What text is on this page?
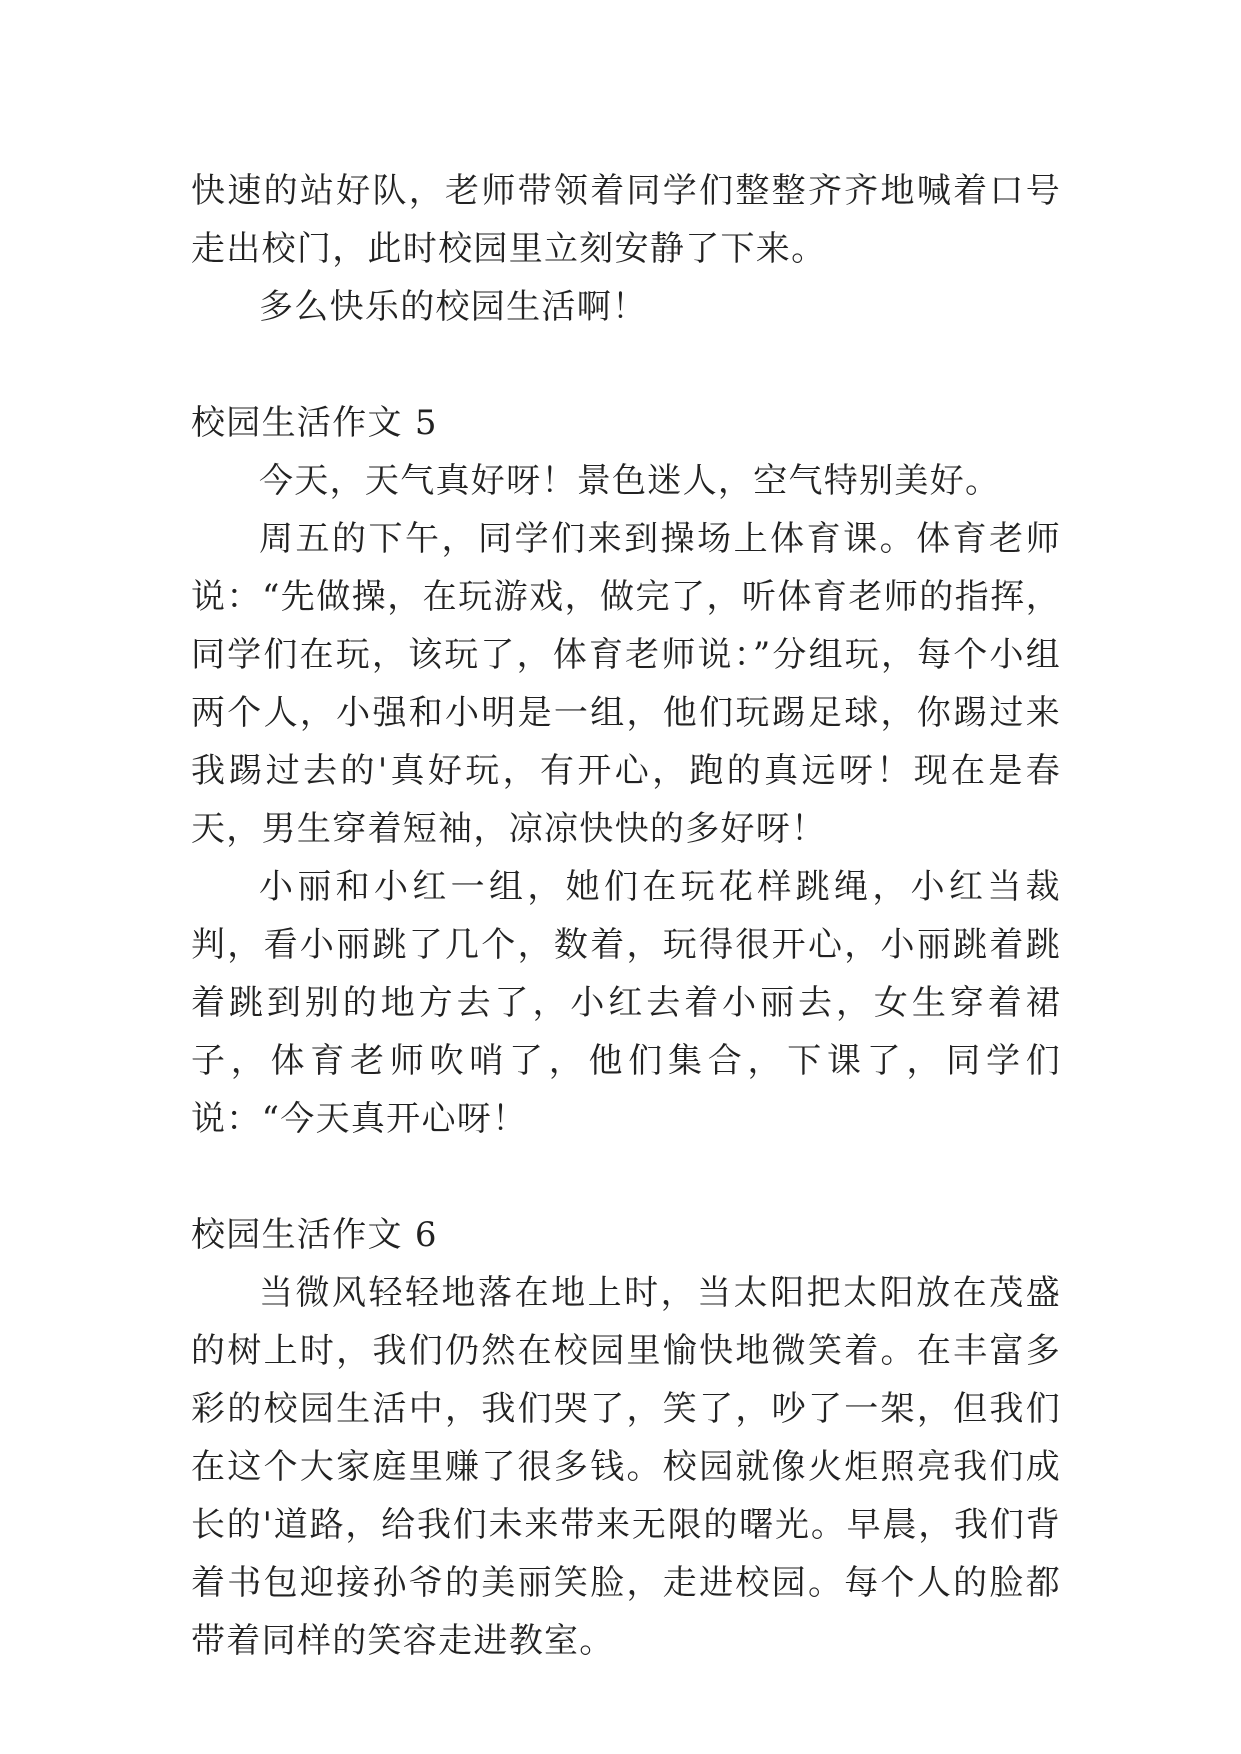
快速的站好队，老师带领着同学们整整齐齐地喊着口号走出校门，此时校园里立刻安静了下来。

多么快乐的校园生活啊！

校园生活作文 5

今天，天气真好呀！景色迷人，空气特别美好。

周五的下午，同学们来到操场上体育课。体育老师说：“先做操，在玩游戏，做完了，听体育老师的指挥，同学们在玩，该玩了，体育老师说：”分组玩，每个小组两个人，小强和小明是一组，他们玩踢足球，你踢过来我踢过去的'真好玩，有开心，跑的真远呀！现在是春天，男生穿着短袖，凉凉快快的多好呀！

小丽和小红一组，她们在玩花样跳绳，小红当裁判，看小丽跳了几个，数着，玩得很开心，小丽跳着跳着跳到别的地方去了，小红去着小丽去，女生穿着裙子，体育老师吹哨了，他们集合，下课了，同学们说：“今天真开心呀！

校园生活作文 6

当微风轻轻地落在地上时，当太阳把太阳放在茂盛的树上时，我们仍然在校园里愉快地微笑着。在丰富多彩的校园生活中，我们哭了，笑了，吵了一架，但我们在这个大家庭里赚了很多钱。校园就像火炬照亮我们成长的'道路，给我们未来带来无限的曙光。早晨，我们背着书包迎接孙爷的美丽笑脸，走进校园。每个人的脸都带着同样的笑容走进教室。
